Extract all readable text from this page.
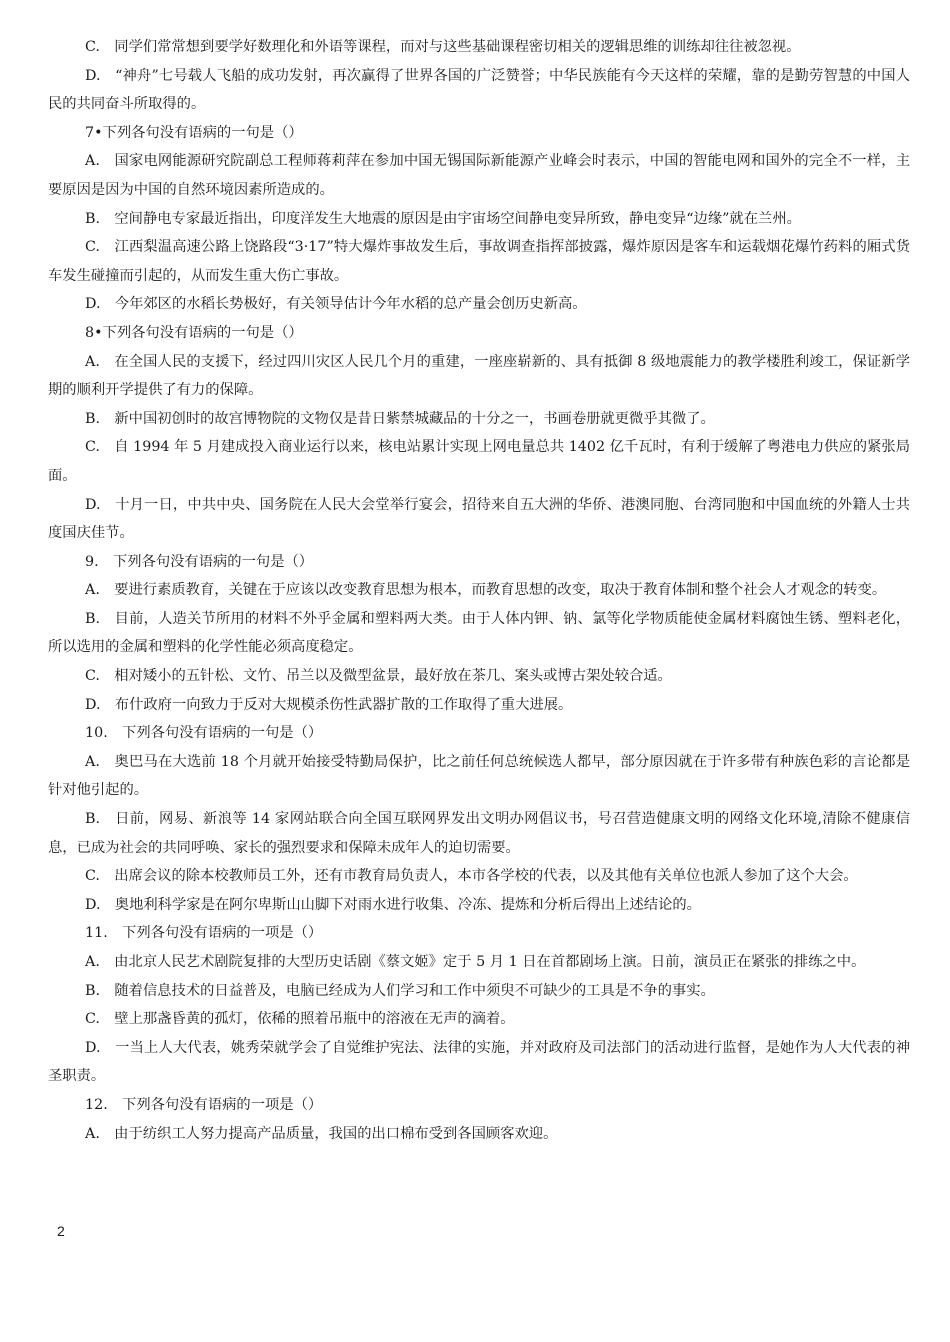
C.　同学们常常想到要学好数理化和外语等课程，而对与这些基础课程密切相关的逻辑思维的训练却往往被忽视。

D.　“神舟”七号载人飞船的成功发射，再次赢得了世界各国的广泛赞誉；中华民族能有今天这样的荣耀，靠的是勤劳智慧的中国人民的共同奋斗所取得的。

7•下列各句没有语病的一句是（）

A.　国家电网能源研究院副总工程师蒋莉萍在参加中国无锡国际新能源产业峰会时表示，中国的智能电网和国外的完全不一样，主要原因是因为中国的自然环境因素所造成的。

B.　空间静电专家最近指出，印度洋发生大地震的原因是由宇宙场空间静电变异所致，静电变异“边缘”就在兰州。

C.　江西梨温高速公路上饶路段“3·17”特大爆炸事故发生后，事故调查指挥部披露，爆炸原因是客车和运载烟花爆竹药料的厢式货车发生碰撞而引起的，从而发生重大伤亡事故。

D.　今年郊区的水稻长势极好，有关领导估计今年水稻的总产量会创历史新高。

8•下列各句没有语病的一句是（）

A.　在全国人民的支援下，经过四川灾区人民几个月的重建，一座座崭新的、具有抵御 8 级地震能力的教学楼胜利竣工，保证新学期的顺利开学提供了有力的保障。

B.　新中国初创时的故宫博物院的文物仅是昔日紫禁城藏品的十分之一，书画卷册就更微乎其微了。

C.　自 1994 年 5 月建成投入商业运行以来，核电站累计实现上网电量总共 1402 亿千瓦时，有利于缓解了粤港电力供应的紧张局面。

D.　十月一日，中共中央、国务院在人民大会堂举行宴会，招待来自五大洲的华侨、港澳同胞、台湾同胞和中国血统的外籍人士共度国庆佳节。

9.　下列各句没有语病的一句是（）

A.　要进行素质教育，关键在于应该以改变教育思想为根本，而教育思想的改变，取决于教育体制和整个社会人才观念的转变。

B.　目前，人造关节所用的材料不外乎金属和塑料两大类。由于人体内钾、钠、氯等化学物质能使金属材料腐蚀生锈、塑料老化，所以选用的金属和塑料的化学性能必须高度稳定。

C.　相对矮小的五针松、文竹、吊兰以及微型盆景，最好放在茶几、案头或博古架处较合适。

D.　布什政府一向致力于反对大规模杀伤性武器扩散的工作取得了重大进展。

10.　下列各句没有语病的一句是（）

A.　奥巴马在大选前 18 个月就开始接受特勤局保护，比之前任何总统候选人都早，部分原因就在于许多带有种族色彩的言论都是针对他引起的。

B.　日前，网易、新浪等 14 家网站联合向全国互联网界发出文明办网倡议书，号召营造健康文明的网络文化环境,清除不健康信息，已成为社会的共同呼唤、家长的强烈要求和保障未成年人的迫切需要。

C.　出席会议的除本校教师员工外，还有市教育局负责人，本市各学校的代表，以及其他有关单位也派人参加了这个大会。

D.　奥地利科学家是在阿尔卑斯山山脚下对雨水进行收集、冷冻、提炼和分析后得出上述结论的。

11.　下列各句没有语病的一项是（）

A.　由北京人民艺术剧院复排的大型历史话剧《蔡文姬》定于 5 月 1 日在首都剧场上演。日前，演员正在紧张的排练之中。

B.　随着信息技术的日益普及，电脑已经成为人们学习和工作中须臾不可缺少的工具是不争的事实。

C.　壁上那盏昏黄的孤灯，依稀的照着吊瓶中的溶液在无声的滴着。

D.　一当上人大代表，姚秀荣就学会了自觉维护宪法、法律的实施，并对政府及司法部门的活动进行监督，是她作为人大代表的神圣职责。

12.　下列各句没有语病的一项是（）

A.　由于纺织工人努力提高产品质量，我国的出口棉布受到各国顾客欢迎。

2
